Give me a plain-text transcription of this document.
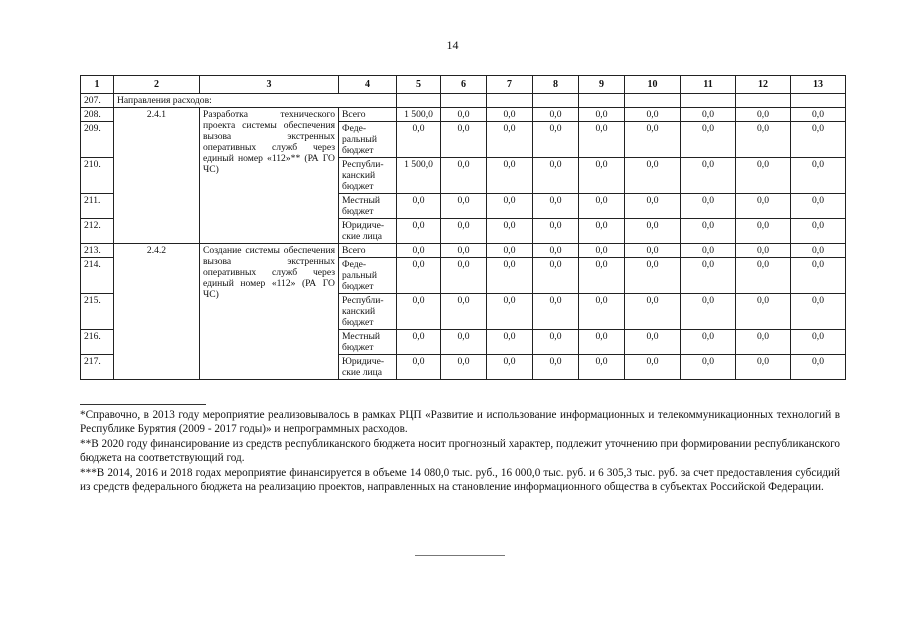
14
1	2	3	4	5	6	7	8	9	10	11	12	13
207.	Направления расходов:											
208.	2.4.1	Разработка технического проекта системы обеспечения вызова экстренных оперативных служб через единый номер «112»** (РА ГО ЧС)	Всего	1 500,0	0,0	0,0	0,0	0,0	0,0	0,0	0,0	0,0
209.			Феде-ральный бюджет	0,0	0,0	0,0	0,0	0,0	0,0	0,0	0,0	0,0
210.			Республи-канский бюджет	1 500,0	0,0	0,0	0,0	0,0	0,0	0,0	0,0	0,0
211.			Местный бюджет	0,0	0,0	0,0	0,0	0,0	0,0	0,0	0,0	0,0
212.			Юридиче-ские лица	0,0	0,0	0,0	0,0	0,0	0,0	0,0	0,0	0,0
213.	2.4.2	Создание системы обеспечения вызова экстренных оперативных служб через единый номер «112» (РА ГО ЧС)	Всего	0,0	0,0	0,0	0,0	0,0	0,0	0,0	0,0	0,0
214.			Феде-ральный бюджет	0,0	0,0	0,0	0,0	0,0	0,0	0,0	0,0	0,0
215.			Республи-канский бюджет	0,0	0,0	0,0	0,0	0,0	0,0	0,0	0,0	0,0
216.			Местный бюджет	0,0	0,0	0,0	0,0	0,0	0,0	0,0	0,0	0,0
217.			Юридиче-ские лица	0,0	0,0	0,0	0,0	0,0	0,0	0,0	0,0	0,0

*Справочно, в 2013 году мероприятие реализовывалось в рамках РЦП «Развитие и использование информационных и телекоммуникационных технологий в Республике Бурятия (2009 - 2017 годы)» и непрограммных расходов.

**В 2020 году финансирование из средств республиканского бюджета носит прогнозный характер, подлежит уточнению при формировании республиканского бюджета на соответствующий год.

***В 2014, 2016 и 2018 годах мероприятие финансируется в объеме 14 080,0 тыс. руб., 16 000,0 тыс. руб. и 6 305,3 тыс. руб. за счет предоставления субсидий из средств федерального бюджета на реализацию проектов, направленных на становление информационного общества в субъектах Российской Федерации.
